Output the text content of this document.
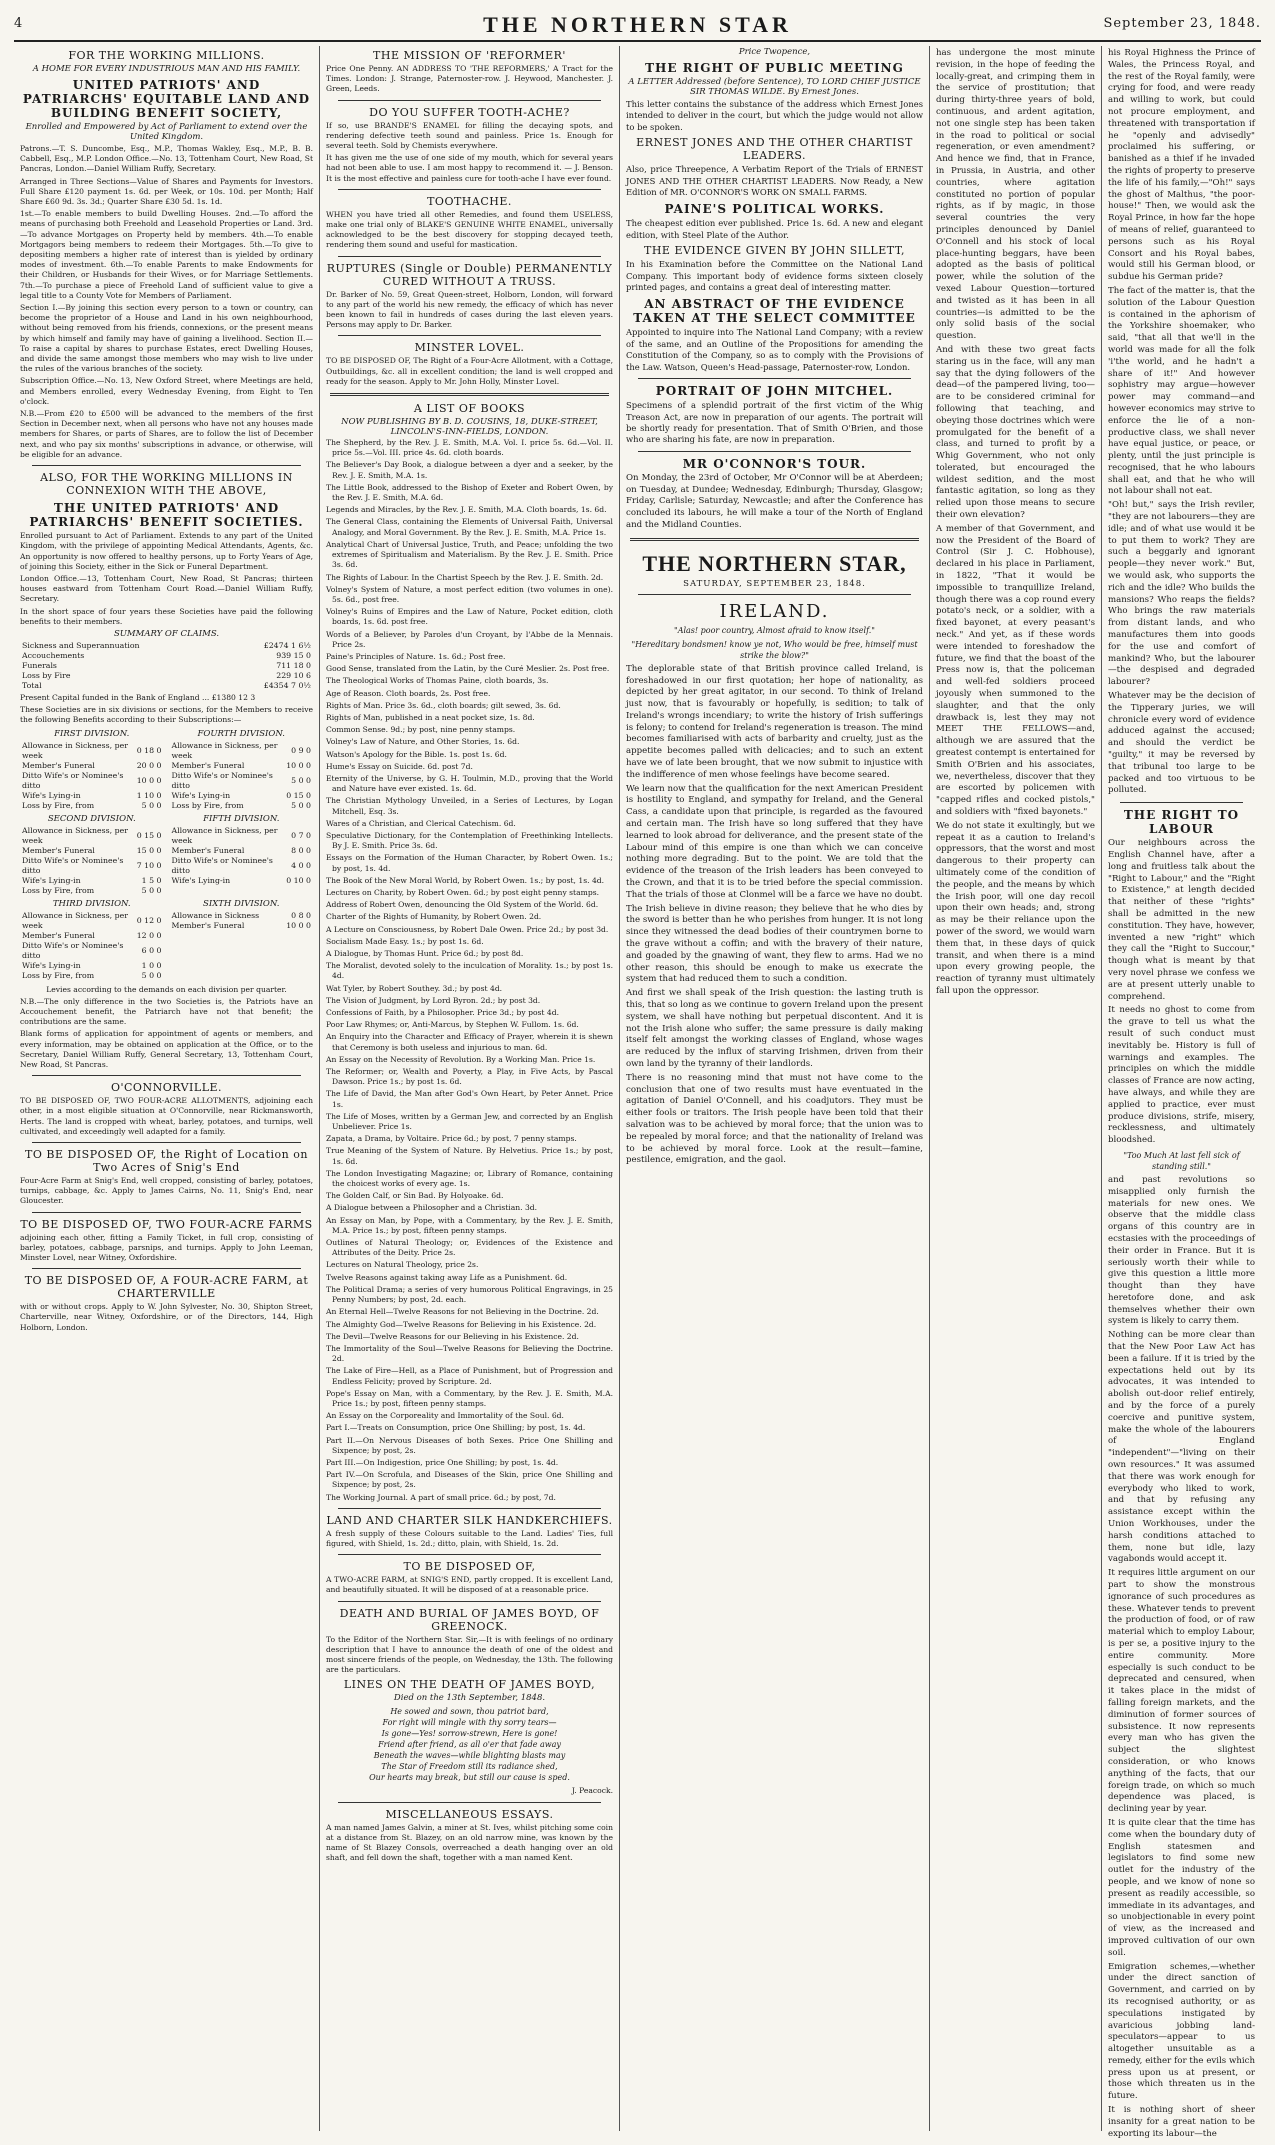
4	THE NORTHERN STAR	September 23, 1848.
FOR THE WORKING MILLIONS.
A HOME FOR EVERY INDUSTRIOUS MAN AND HIS FAMILY.
UNITED PATRIOTS' AND PATRIARCHS' EQUITABLE LAND AND BUILDING BENEFIT SOCIETY,
Enrolled and Empowered by Act of Parliament to extend over the United Kingdom.

Patrons.—T. S. Duncombe, Esq., M.P., Thomas Wakley, Esq., M.P., B. B. Cabbell, Esq., M.P. London Office.—No. 13, Tottenham Court, New Road, St Pancras, London.—Daniel William Ruffy, Secretary.

Arranged in Three Sections—Value of Shares and Payments for Investors. Full Share £120 payment 1s. 6d. per Week, or 10s. 10d. per Month; Half Share £60 9d. 3s. 3d.; Quarter Share £30 5d. 1s. 1d.

1st.—To enable members to build Dwelling Houses. 2nd.—To afford the means of purchasing both Freehold and Leasehold Properties or Land. 3rd.—To advance Mortgages on Property held by members. 4th.—To enable Mortgagors being members to redeem their Mortgages. 5th.—To give to depositing members a higher rate of interest than is yielded by ordinary modes of investment. 6th.—To enable Parents to make Endowments for their Children, or Husbands for their Wives, or for Marriage Settlements. 7th.—To purchase a piece of Freehold Land of sufficient value to give a legal title to a County Vote for Members of Parliament.

Section I.—By joining this section every person to a town or country, can become the proprietor of a House and Land in his own neighbourhood, without being removed from his friends, connexions, or the present means by which himself and family may have of gaining a livelihood. Section II.—To raise a capital by shares to purchase Estates, erect Dwelling Houses, and divide the same amongst those members who may wish to live under the rules of the various branches of the society.

Subscription Office.—No. 13, New Oxford Street, where Meetings are held, and Members enrolled, every Wednesday Evening, from Eight to Ten o'clock.

N.B.—From £20 to £500 will be advanced to the members of the first Section in December next, when all persons who have not any houses made members for Shares, or parts of Shares, are to follow the list of December next, and who pay six months' subscriptions in advance, or otherwise, will be eligible for an advance.

ALSO, FOR THE WORKING MILLIONS IN CONNEXION WITH THE ABOVE,
THE UNITED PATRIOTS' AND PATRIARCHS' BENEFIT SOCIETIES.

Enrolled pursuant to Act of Parliament. Extends to any part of the United Kingdom, with the privilege of appointing Medical Attendants, Agents, &c. An opportunity is now offered to healthy persons, up to Forty Years of Age, of joining this Society, either in the Sick or Funeral Department.

London Office.—13, Tottenham Court, New Road, St Pancras; thirteen houses eastward from Tottenham Court Road.—Daniel William Ruffy, Secretary.

In the short space of four years these Societies have paid the following benefits to their members.

SUMMARY OF CLAIMS.
Sickness and Superannuation	£2474 1 6½
Accouchements	939 15 0
Funerals	711 18 0
Loss by Fire	229 10 6
Total	£4354 7 0½

Present Capital funded in the Bank of England ... £1380 12 3

These Societies are in six divisions or sections, for the Members to receive the following Benefits according to their Subscriptions:—

FIRST DIVISION.
Allowance in Sickness, per week	0 18 0
Member's Funeral	20 0 0
Ditto Wife's or Nominee's ditto	10 0 0
Wife's Lying-in	1 10 0
Loss by Fire, from	5 0 0
FOURTH DIVISION.
Allowance in Sickness, per week	0 9 0
Member's Funeral	10 0 0
Ditto Wife's or Nominee's ditto	5 0 0
Wife's Lying-in	0 15 0
Loss by Fire, from	5 0 0
SECOND DIVISION.
Allowance in Sickness, per week	0 15 0
Member's Funeral	15 0 0
Ditto Wife's or Nominee's ditto	7 10 0
Wife's Lying-in	1 5 0
Loss by Fire, from	5 0 0
FIFTH DIVISION.
Allowance in Sickness, per week	0 7 0
Member's Funeral	8 0 0
Ditto Wife's or Nominee's ditto	4 0 0
Wife's Lying-in	0 10 0
THIRD DIVISION.
Allowance in Sickness, per week	0 12 0
Member's Funeral	12 0 0
Ditto Wife's or Nominee's ditto	6 0 0
Wife's Lying-in	1 0 0
Loss by Fire, from	5 0 0
SIXTH DIVISION.
Allowance in Sickness	0 8 0
Member's Funeral	10 0 0

Levies according to the demands on each division per quarter.

N.B.—The only difference in the two Societies is, the Patriots have an Accouchement benefit, the Patriarch have not that benefit; the contributions are the same.

Blank forms of application for appointment of agents or members, and every information, may be obtained on application at the Office, or to the Secretary, Daniel William Ruffy, General Secretary, 13, Tottenham Court, New Road, St Pancras.

O'CONNORVILLE.

TO BE DISPOSED OF, TWO FOUR-ACRE ALLOTMENTS, adjoining each other, in a most eligible situation at O'Connorville, near Rickmansworth, Herts. The land is cropped with wheat, barley, potatoes, and turnips, well cultivated, and exceedingly well adapted for a family.

TO BE DISPOSED OF, the Right of Location on Two Acres of Snig's End

Four-Acre Farm at Snig's End, well cropped, consisting of barley, potatoes, turnips, cabbage, &c. Apply to James Cairns, No. 11, Snig's End, near Gloucester.

TO BE DISPOSED OF, TWO FOUR-ACRE FARMS

adjoining each other, fitting a Family Ticket, in full crop, consisting of barley, potatoes, cabbage, parsnips, and turnips. Apply to John Leeman, Minster Lovel, near Witney, Oxfordshire.

TO BE DISPOSED OF, A FOUR-ACRE FARM, at CHARTERVILLE

with or without crops. Apply to W. John Sylvester, No. 30, Shipton Street, Charterville, near Witney, Oxfordshire, or of the Directors, 144, High Holborn, London.

THE MISSION OF 'REFORMER'

Price One Penny. AN ADDRESS TO 'THE REFORMERS,' A Tract for the Times. London: J. Strange, Paternoster-row. J. Heywood, Manchester. J. Green, Leeds.

DO YOU SUFFER TOOTH-ACHE?

If so, use BRANDE'S ENAMEL for filling the decaying spots, and rendering defective teeth sound and painless. Price 1s. Enough for several teeth. Sold by Chemists everywhere.

It has given me the use of one side of my mouth, which for several years had not been able to use. I am most happy to recommend it. — J. Benson. It is the most effective and painless cure for tooth-ache I have ever found.

TOOTHACHE.

WHEN you have tried all other Remedies, and found them USELESS, make one trial only of BLAKE'S GENUINE WHITE ENAMEL, universally acknowledged to be the best discovery for stopping decayed teeth, rendering them sound and useful for mastication.

RUPTURES (Single or Double) PERMANENTLY CURED WITHOUT A TRUSS.

Dr. Barker of No. 59, Great Queen-street, Holborn, London, will forward to any part of the world his new remedy, the efficacy of which has never been known to fail in hundreds of cases during the last eleven years. Persons may apply to Dr. Barker.

MINSTER LOVEL.

TO BE DISPOSED OF, The Right of a Four-Acre Allotment, with a Cottage, Outbuildings, &c. all in excellent condition; the land is well cropped and ready for the season. Apply to Mr. John Holly, Minster Lovel.

A LIST OF BOOKS
NOW PUBLISHING BY B. D. COUSINS, 18, DUKE-STREET, LINCOLN'S-INN-FIELDS, LONDON.
The Shepherd, by the Rev. J. E. Smith, M.A. Vol. I. price 5s. 6d.—Vol. II. price 5s.—Vol. III. price 4s. 6d. cloth boards.
The Believer's Day Book, a dialogue between a dyer and a seeker, by the Rev. J. E. Smith, M.A. 1s.
The Little Book, addressed to the Bishop of Exeter and Robert Owen, by the Rev. J. E. Smith, M.A. 6d.
Legends and Miracles, by the Rev. J. E. Smith, M.A. Cloth boards, 1s. 6d.
The General Class, containing the Elements of Universal Faith, Universal Analogy, and Moral Government. By the Rev. J. E. Smith, M.A. Price 1s.
Analytical Chart of Universal Justice, Truth, and Peace; unfolding the two extremes of Spiritualism and Materialism. By the Rev. J. E. Smith. Price 3s. 6d.
The Rights of Labour. In the Chartist Speech by the Rev. J. E. Smith. 2d.
Volney's System of Nature, a most perfect edition (two volumes in one). 5s. 6d., post free.
Volney's Ruins of Empires and the Law of Nature, Pocket edition, cloth boards, 1s. 6d. post free.
Words of a Believer, by Paroles d'un Croyant, by l'Abbe de la Mennais. Price 2s.
Paine's Principles of Nature. 1s. 6d.; Post free.
Good Sense, translated from the Latin, by the Curé Meslier. 2s. Post free.
The Theological Works of Thomas Paine, cloth boards, 3s.
Age of Reason. Cloth boards, 2s. Post free.
Rights of Man. Price 3s. 6d., cloth boards; gilt sewed, 3s. 6d.
Rights of Man, published in a neat pocket size, 1s. 8d.
Common Sense. 9d.; by post, nine penny stamps.
Volney's Law of Nature, and Other Stories, 1s. 6d.
Watson's Apology for the Bible. 1s. post 1s. 6d.
Hume's Essay on Suicide. 6d. post 7d.
Eternity of the Universe, by G. H. Toulmin, M.D., proving that the World and Nature have ever existed. 1s. 6d.
The Christian Mythology Unveiled, in a Series of Lectures, by Logan Mitchell, Esq. 3s.
Wares of a Christian, and Clerical Catechism. 6d.
Speculative Dictionary, for the Contemplation of Freethinking Intellects. By J. E. Smith. Price 3s. 6d.
Essays on the Formation of the Human Character, by Robert Owen. 1s.; by post, 1s. 4d.
The Book of the New Moral World, by Robert Owen. 1s.; by post, 1s. 4d.
Lectures on Charity, by Robert Owen. 6d.; by post eight penny stamps.
Address of Robert Owen, denouncing the Old System of the World. 6d.
Charter of the Rights of Humanity, by Robert Owen. 2d.
A Lecture on Consciousness, by Robert Dale Owen. Price 2d.; by post 3d.
Socialism Made Easy. 1s.; by post 1s. 6d.
A Dialogue, by Thomas Hunt. Price 6d.; by post 8d.
The Moralist, devoted solely to the inculcation of Morality. 1s.; by post 1s. 4d.
Wat Tyler, by Robert Southey. 3d.; by post 4d.
The Vision of Judgment, by Lord Byron. 2d.; by post 3d.
Confessions of Faith, by a Philosopher. Price 3d.; by post 4d.
Poor Law Rhymes; or, Anti-Marcus, by Stephen W. Fullom. 1s. 6d.
An Enquiry into the Character and Efficacy of Prayer, wherein it is shewn that Ceremony is both useless and injurious to man. 6d.
An Essay on the Necessity of Revolution. By a Working Man. Price 1s.
The Reformer; or, Wealth and Poverty, a Play, in Five Acts, by Pascal Dawson. Price 1s.; by post 1s. 6d.
The Life of David, the Man after God's Own Heart, by Peter Annet. Price 1s.
The Life of Moses, written by a German Jew, and corrected by an English Unbeliever. Price 1s.
Zapata, a Drama, by Voltaire. Price 6d.; by post, 7 penny stamps.
True Meaning of the System of Nature. By Helvetius. Price 1s.; by post, 1s. 6d.
The London Investigating Magazine; or, Library of Romance, containing the choicest works of every age. 1s.
The Golden Calf, or Sin Bad. By Holyoake. 6d.
A Dialogue between a Philosopher and a Christian. 3d.
An Essay on Man, by Pope, with a Commentary, by the Rev. J. E. Smith, M.A. Price 1s.; by post, fifteen penny stamps.
Outlines of Natural Theology; or, Evidences of the Existence and Attributes of the Deity. Price 2s.
Lectures on Natural Theology, price 2s.
Twelve Reasons against taking away Life as a Punishment. 6d.
The Political Drama; a series of very humorous Political Engravings, in 25 Penny Numbers; by post, 2d. each.
An Eternal Hell—Twelve Reasons for not Believing in the Doctrine. 2d.
The Almighty God—Twelve Reasons for Believing in his Existence. 2d.
The Devil—Twelve Reasons for our Believing in his Existence. 2d.
The Immortality of the Soul—Twelve Reasons for Believing the Doctrine. 2d.
The Lake of Fire—Hell, as a Place of Punishment, but of Progression and Endless Felicity; proved by Scripture. 2d.
Pope's Essay on Man, with a Commentary, by the Rev. J. E. Smith, M.A. Price 1s.; by post, fifteen penny stamps.
An Essay on the Corporeality and Immortality of the Soul. 6d.
Part I.—Treats on Consumption, price One Shilling; by post, 1s. 4d.
Part II.—On Nervous Diseases of both Sexes. Price One Shilling and Sixpence; by post, 2s.
Part III.—On Indigestion, price One Shilling; by post, 1s. 4d.
Part IV.—On Scrofula, and Diseases of the Skin, price One Shilling and Sixpence; by post, 2s.
The Working Journal. A part of small price. 6d.; by post, 7d.
LAND AND CHARTER SILK HANDKERCHIEFS.

A fresh supply of these Colours suitable to the Land. Ladies' Ties, full figured, with Shield, 1s. 2d.; ditto, plain, with Shield, 1s. 2d.

TO BE DISPOSED OF,

A TWO-ACRE FARM, at SNIG'S END, partly cropped. It is excellent Land, and beautifully situated. It will be disposed of at a reasonable price.

DEATH AND BURIAL OF JAMES BOYD, OF GREENOCK.

To the Editor of the Northern Star. Sir,—It is with feelings of no ordinary description that I have to announce the death of one of the oldest and most sincere friends of the people, on Wednesday, the 13th. The following are the particulars.

LINES ON THE DEATH OF JAMES BOYD,
Died on the 13th September, 1848.
He sowed and sown, thou patriot bard,
For right will mingle with thy sorry tears—
Is gone—Yes! sorrow-strewn, Here is gone!
Friend after friend, as all o'er that fade away
Beneath the waves—while blighting blasts may
The Star of Freedom still its radiance shed,
Our hearts may break, but still our cause is sped.
J. Peacock.
MISCELLANEOUS ESSAYS.

A man named James Galvin, a miner at St. Ives, whilst pitching some coin at a distance from St. Blazey, on an old narrow mine, was known by the name of St Blazey Consols, overreached a death hanging over an old shaft, and fell down the shaft, together with a man named Kent.

Price Twopence,
THE RIGHT OF PUBLIC MEETING
A LETTER Addressed (before Sentence), TO LORD CHIEF JUSTICE SIR THOMAS WILDE. By Ernest Jones.

This letter contains the substance of the address which Ernest Jones intended to deliver in the court, but which the judge would not allow to be spoken.

ERNEST JONES AND THE OTHER CHARTIST LEADERS.

Also, price Threepence, A Verbatim Report of the Trials of ERNEST JONES AND THE OTHER CHARTIST LEADERS. Now Ready, a New Edition of MR. O'CONNOR'S WORK ON SMALL FARMS.

PAINE'S POLITICAL WORKS.

The cheapest edition ever published. Price 1s. 6d. A new and elegant edition, with Steel Plate of the Author.

THE EVIDENCE GIVEN BY JOHN SILLETT,

In his Examination before the Committee on the National Land Company. This important body of evidence forms sixteen closely printed pages, and contains a great deal of interesting matter.

AN ABSTRACT OF THE EVIDENCE TAKEN AT THE SELECT COMMITTEE

Appointed to inquire into The National Land Company; with a review of the same, and an Outline of the Propositions for amending the Constitution of the Company, so as to comply with the Provisions of the Law. Watson, Queen's Head-passage, Paternoster-row, London.

PORTRAIT OF JOHN MITCHEL.

Specimens of a splendid portrait of the first victim of the Whig Treason Act, are now in preparation of our agents. The portrait will be shortly ready for presentation. That of Smith O'Brien, and those who are sharing his fate, are now in preparation.

MR O'CONNOR'S TOUR.

On Monday, the 23rd of October, Mr O'Connor will be at Aberdeen; on Tuesday, at Dundee; Wednesday, Edinburgh; Thursday, Glasgow; Friday, Carlisle; Saturday, Newcastle; and after the Conference has concluded its labours, he will make a tour of the North of England and the Midland Counties.

THE NORTHERN STAR,
SATURDAY, SEPTEMBER 23, 1848.
IRELAND.
"Alas! poor country, Almost afraid to know itself."
"Hereditary bondsmen! know ye not, Who would be free, himself must strike the blow?"

The deplorable state of that British province called Ireland, is foreshadowed in our first quotation; her hope of nationality, as depicted by her great agitator, in our second. To think of Ireland just now, that is favourably or hopefully, is sedition; to talk of Ireland's wrongs incendiary; to write the history of Irish sufferings is felony; to contend for Ireland's regeneration is treason. The mind becomes familiarised with acts of barbarity and cruelty, just as the appetite becomes palled with delicacies; and to such an extent have we of late been brought, that we now submit to injustice with the indifference of men whose feelings have become seared.

We learn now that the qualification for the next American President is hostility to England, and sympathy for Ireland, and the General Cass, a candidate upon that principle, is regarded as the favoured and certain man. The Irish have so long suffered that they have learned to look abroad for deliverance, and the present state of the Labour mind of this empire is one than which we can conceive nothing more degrading. But to the point. We are told that the evidence of the treason of the Irish leaders has been conveyed to the Crown, and that it is to be tried before the special commission. That the trials of those at Clonmel will be a farce we have no doubt.

The Irish believe in divine reason; they believe that he who dies by the sword is better than he who perishes from hunger. It is not long since they witnessed the dead bodies of their countrymen borne to the grave without a coffin; and with the bravery of their nature, and goaded by the gnawing of want, they flew to arms. Had we no other reason, this should be enough to make us execrate the system that had reduced them to such a condition.

And first we shall speak of the Irish question: the lasting truth is this, that so long as we continue to govern Ireland upon the present system, we shall have nothing but perpetual discontent. And it is not the Irish alone who suffer; the same pressure is daily making itself felt amongst the working classes of England, whose wages are reduced by the influx of starving Irishmen, driven from their own land by the tyranny of their landlords.

There is no reasoning mind that must not have come to the conclusion that one of two results must have eventuated in the agitation of Daniel O'Connell, and his coadjutors. They must be either fools or traitors. The Irish people have been told that their salvation was to be achieved by moral force; that the union was to be repealed by moral force; and that the nationality of Ireland was to be achieved by moral force. Look at the result—famine, pestilence, emigration, and the gaol.

has undergone the most minute revision, in the hope of feeding the locally-great, and crimping them in the service of prostitution; that during thirty-three years of bold, continuous, and ardent agitation, not one single step has been taken in the road to political or social regeneration, or even amendment? And hence we find, that in France, in Prussia, in Austria, and other countries, where agitation constituted no portion of popular rights, as if by magic, in those several countries the very principles denounced by Daniel O'Connell and his stock of local place-hunting beggars, have been adopted as the basis of political power, while the solution of the vexed Labour Question—tortured and twisted as it has been in all countries—is admitted to be the only solid basis of the social question.

And with these two great facts staring us in the face, will any man say that the dying followers of the dead—of the pampered living, too—are to be considered criminal for following that teaching, and obeying those doctrines which were promulgated for the benefit of a class, and turned to profit by a Whig Government, who not only tolerated, but encouraged the wildest sedition, and the most fantastic agitation, so long as they relied upon those means to secure their own elevation?

A member of that Government, and now the President of the Board of Control (Sir J. C. Hobhouse), declared in his place in Parliament, in 1822, "That it would be impossible to tranquillize Ireland, though there was a cop round every potato's neck, or a soldier, with a fixed bayonet, at every peasant's neck." And yet, as if these words were intended to foreshadow the future, we find that the boast of the Press now is, that the policeman and well-fed soldiers proceed joyously when summoned to the slaughter, and that the only drawback is, lest they may not MEET THE FELLOWS—and, although we are assured that the greatest contempt is entertained for Smith O'Brien and his associates, we, nevertheless, discover that they are escorted by policemen with "capped rifles and cocked pistols," and soldiers with "fixed bayonets."

We do not state it exultingly, but we repeat it as a caution to Ireland's oppressors, that the worst and most dangerous to their property can ultimately come of the condition of the people, and the means by which the Irish poor, will one day recoil upon their own heads; and, strong as may be their reliance upon the power of the sword, we would warn them that, in these days of quick transit, and when there is a mind upon every growing people, the reaction of tyranny must ultimately fall upon the oppressor.

his Royal Highness the Prince of Wales, the Princess Royal, and the rest of the Royal family, were crying for food, and were ready and willing to work, but could not procure employment, and threatened with transportation if he "openly and advisedly" proclaimed his suffering, or banished as a thief if he invaded the rights of property to preserve the life of his family,—"Oh!" says the ghost of Malthus, "the poor-house!" Then, we would ask the Royal Prince, in how far the hope of means of relief, guaranteed to persons such as his Royal Consort and his Royal babes, would still his German blood, or subdue his German pride?

The fact of the matter is, that the solution of the Labour Question is contained in the aphorism of the Yorkshire shoemaker, who said, "that all that we'll in the world was made for all the folk 'i'the world, and he hadn't a share of it!" And however sophistry may argue—however power may command—and however economics may strive to enforce the lie of a non-productive class, we shall never have equal justice, or peace, or plenty, until the just principle is recognised, that he who labours shall eat, and that he who will not labour shall not eat.

"Oh! but," says the Irish reviler, "they are not labourers—they are idle; and of what use would it be to put them to work? They are such a beggarly and ignorant people—they never work." But, we would ask, who supports the rich and the idle? Who builds the mansions? Who reaps the fields? Who brings the raw materials from distant lands, and who manufactures them into goods for the use and comfort of mankind? Who, but the labourer—the despised and degraded labourer?

Whatever may be the decision of the Tipperary juries, we will chronicle every word of evidence adduced against the accused; and should the verdict be "guilty," it may be reversed by that tribunal too large to be packed and too virtuous to be polluted.

THE RIGHT TO LABOUR

Our neighbours across the English Channel have, after a long and fruitless talk about the "Right to Labour," and the "Right to Existence," at length decided that neither of these "rights" shall be admitted in the new constitution. They have, however, invented a new "right" which they call the "Right to Succour," though what is meant by that very novel phrase we confess we are at present utterly unable to comprehend.

It needs no ghost to come from the grave to tell us what the result of such conduct must inevitably be. History is full of warnings and examples. The principles on which the middle classes of France are now acting, have always, and while they are applied to practice, ever must produce divisions, strife, misery, recklessness, and ultimately bloodshed.

"Too Much At last fell sick of standing still."

and past revolutions so misapplied only furnish the materials for new ones. We observe that the middle class organs of this country are in ecstasies with the proceedings of their order in France. But it is seriously worth their while to give this question a little more thought than they have heretofore done, and ask themselves whether their own system is likely to carry them.

Nothing can be more clear than that the New Poor Law Act has been a failure. If it is tried by the expectations held out by its advocates, it was intended to abolish out-door relief entirely, and by the force of a purely coercive and punitive system, make the whole of the labourers of England "independent"—"living on their own resources." It was assumed that there was work enough for everybody who liked to work, and that by refusing any assistance except within the Union Workhouses, under the harsh conditions attached to them, none but idle, lazy vagabonds would accept it.

It requires little argument on our part to show the monstrous ignorance of such procedures as these. Whatever tends to prevent the production of food, or of raw material which to employ Labour, is per se, a positive injury to the entire community. More especially is such conduct to be deprecated and censured, when it takes place in the midst of falling foreign markets, and the diminution of former sources of subsistence. It now represents every man who has given the subject the slightest consideration, or who knows anything of the facts, that our foreign trade, on which so much dependence was placed, is declining year by year.

It is quite clear that the time has come when the boundary duty of English statesmen and legislators to find some new outlet for the industry of the people, and we know of none so present as readily accessible, so immediate in its advantages, and so unobjectionable in every point of view, as the increased and improved cultivation of our own soil.

Emigration schemes,—whether under the direct sanction of Government, and carried on by its recognised authority, or as speculations instigated by avaricious jobbing land-speculators—appear to us altogether unsuitable as a remedy, either for the evils which press upon us at present, or those which threaten us in the future.

It is nothing short of sheer insanity for a great nation to be exporting its labour—the
